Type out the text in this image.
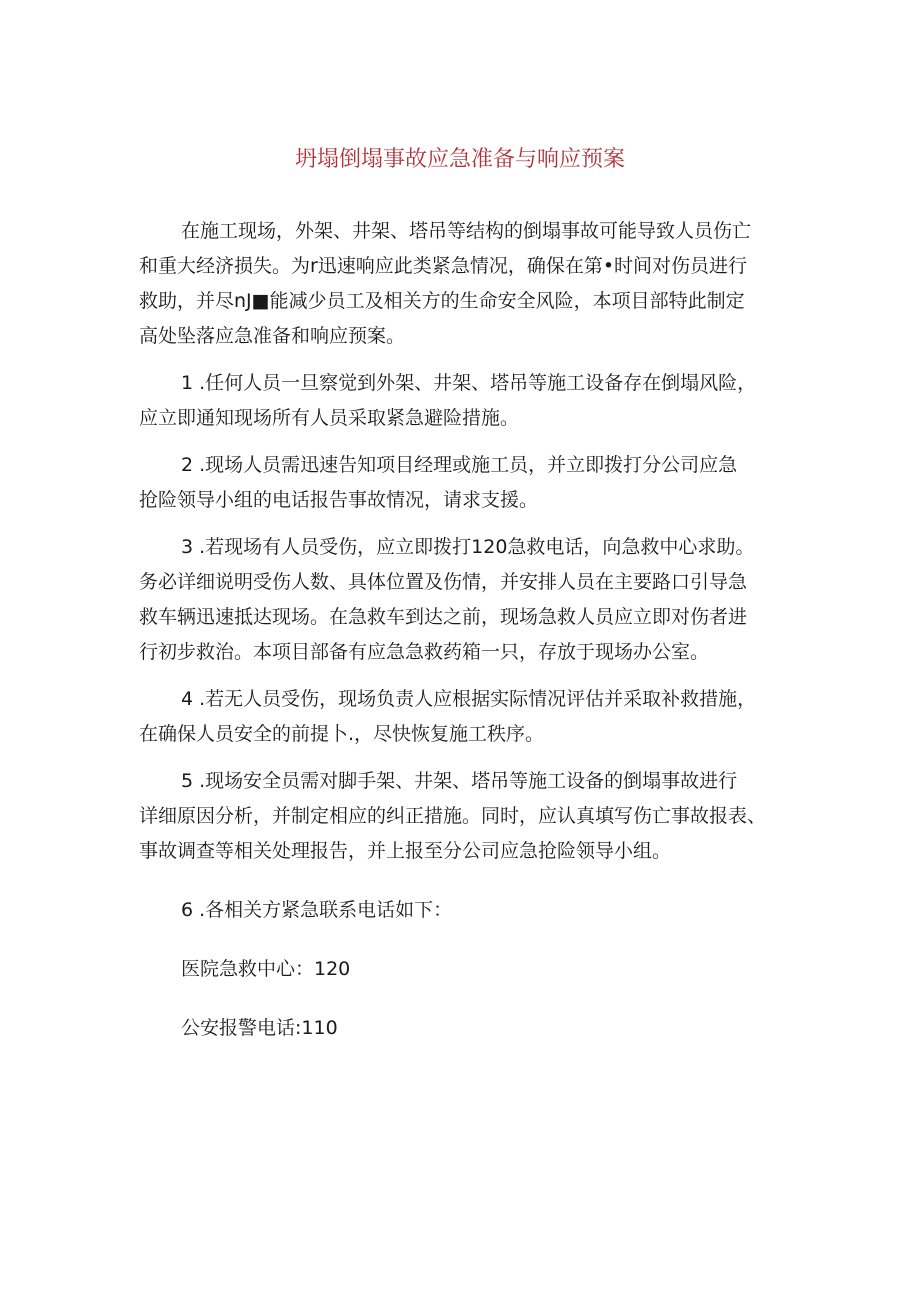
坍塌倒塌事故应急准备与响应预案

在施工现场，外架、井架、塔吊等结构的倒塌事故可能导致人员伤亡
和重大经济损失。为r迅速响应此类紧急情况，确保在第•时间对伤员进行
救助，并尽nJ■能减少员工及相关方的生命安全风险，本项目部特此制定
高处坠落应急准备和响应预案。

1 .任何人员一旦察觉到外架、井架、塔吊等施工设备存在倒塌风险，
应立即通知现场所有人员采取紧急避险措施。

2 .现场人员需迅速告知项目经理或施工员，并立即拨打分公司应急
抢险领导小组的电话报告事故情况，请求支援。

3 .若现场有人员受伤，应立即拨打120急救电话，向急救中心求助。
务必详细说明受伤人数、具体位置及伤情，并安排人员在主要路口引导急
救车辆迅速抵达现场。在急救车到达之前，现场急救人员应立即对伤者进
行初步救治。本项目部备有应急急救药箱一只，存放于现场办公室。

4 .若无人员受伤，现场负责人应根据实际情况评估并采取补救措施，
在确保人员安全的前提卜.，尽快恢复施工秩序。

5 .现场安全员需对脚手架、井架、塔吊等施工设备的倒塌事故进行
详细原因分析，并制定相应的纠正措施。同时，应认真填写伤亡事故报表、
事故调查等相关处理报告，并上报至分公司应急抢险领导小组。

6 .各相关方紧急联系电话如下：

医院急救中心：120

公安报警电话:110
